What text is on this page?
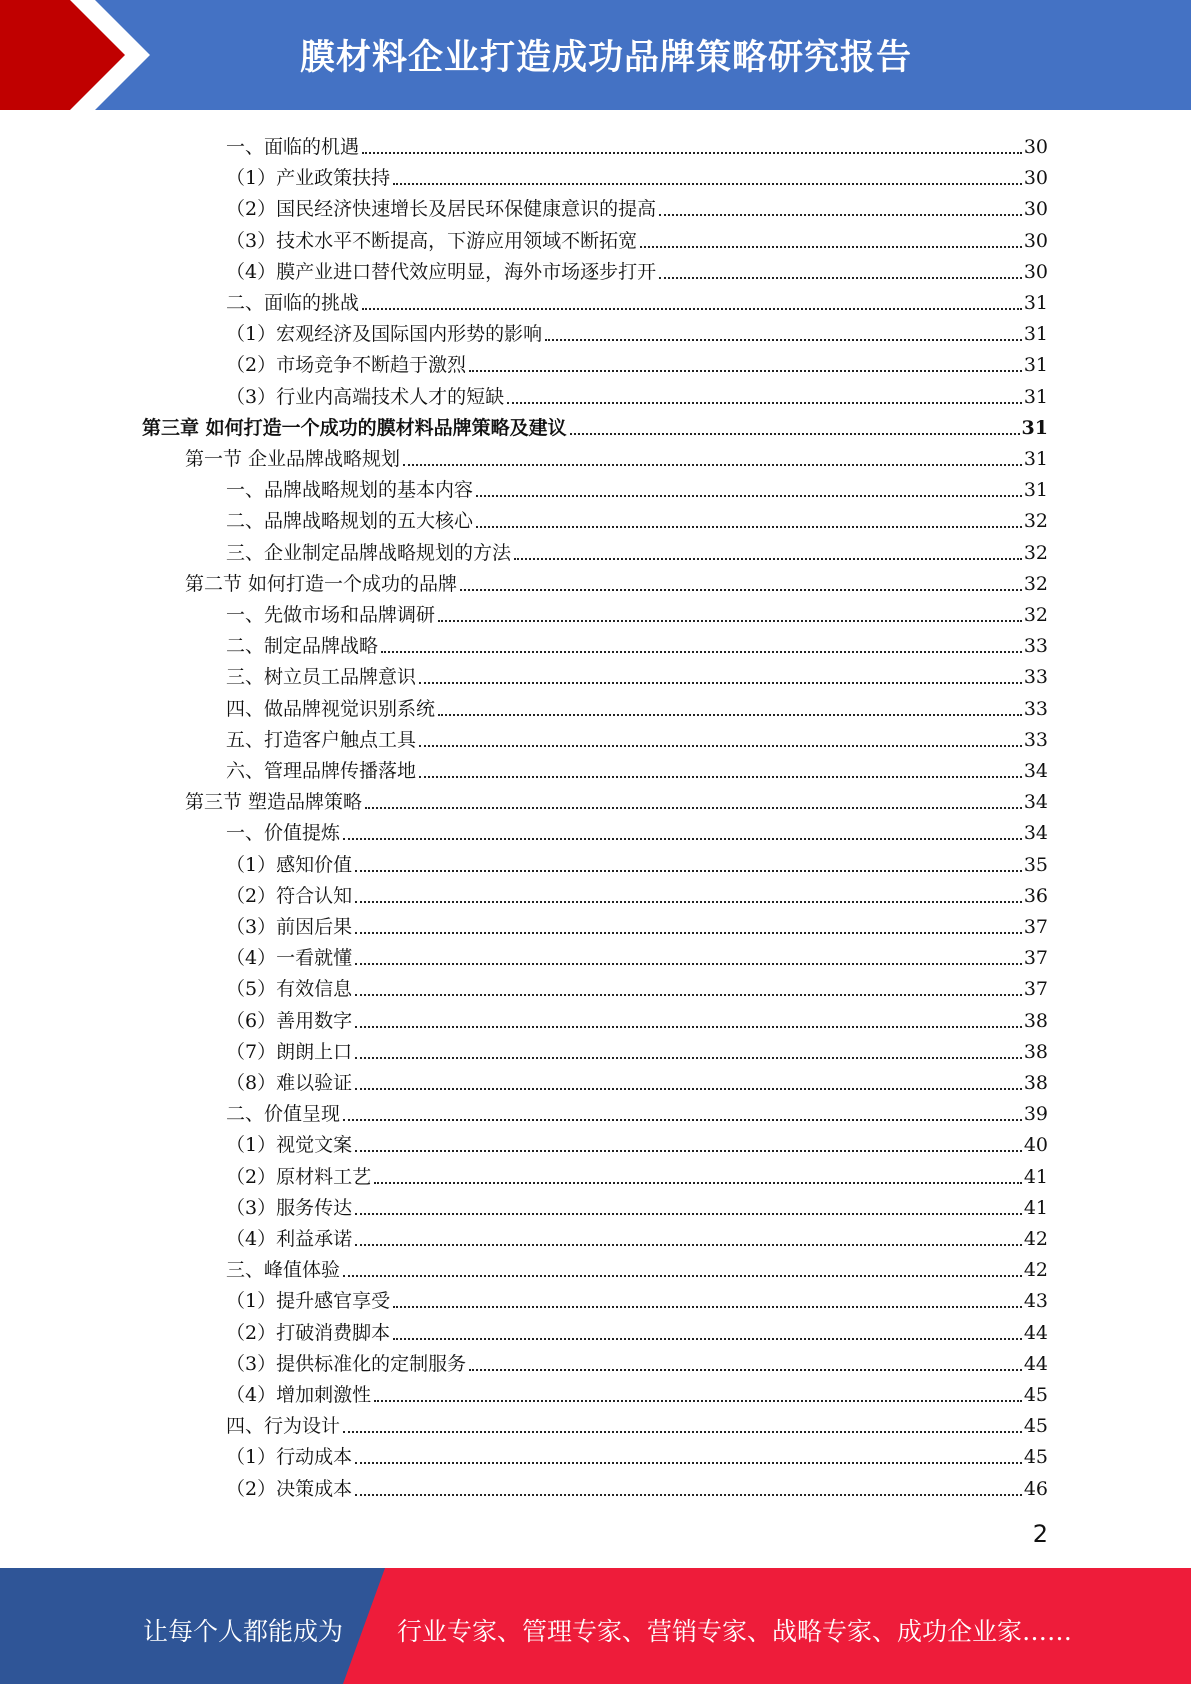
膜材料企业打造成功品牌策略研究报告
一、面临的机遇	30
（1）产业政策扶持	30
（2）国民经济快速增长及居民环保健康意识的提高	30
（3）技术水平不断提高，下游应用领域不断拓宽	30
（4）膜产业进口替代效应明显，海外市场逐步打开	30
二、面临的挑战	31
（1）宏观经济及国际国内形势的影响	31
（2）市场竞争不断趋于激烈	31
（3）行业内高端技术人才的短缺	31
第三章 如何打造一个成功的膜材料品牌策略及建议	31
第一节 企业品牌战略规划	31
一、品牌战略规划的基本内容	31
二、品牌战略规划的五大核心	32
三、企业制定品牌战略规划的方法	32
第二节 如何打造一个成功的品牌	32
一、先做市场和品牌调研	32
二、制定品牌战略	33
三、树立员工品牌意识	33
四、做品牌视觉识别系统	33
五、打造客户触点工具	33
六、管理品牌传播落地	34
第三节 塑造品牌策略	34
一、价值提炼	34
（1）感知价值	35
（2）符合认知	36
（3）前因后果	37
（4）一看就懂	37
（5）有效信息	37
（6）善用数字	38
（7）朗朗上口	38
（8）难以验证	38
二、价值呈现	39
（1）视觉文案	40
（2）原材料工艺	41
（3）服务传达	41
（4）利益承诺	42
三、峰值体验	42
（1）提升感官享受	43
（2）打破消费脚本	44
（3）提供标准化的定制服务	44
（4）增加刺激性	45
四、行为设计	45
（1）行动成本	45
（2）决策成本	46
2
让每个人都能成为 行业专家、管理专家、营销专家、战略专家、成功企业家……
